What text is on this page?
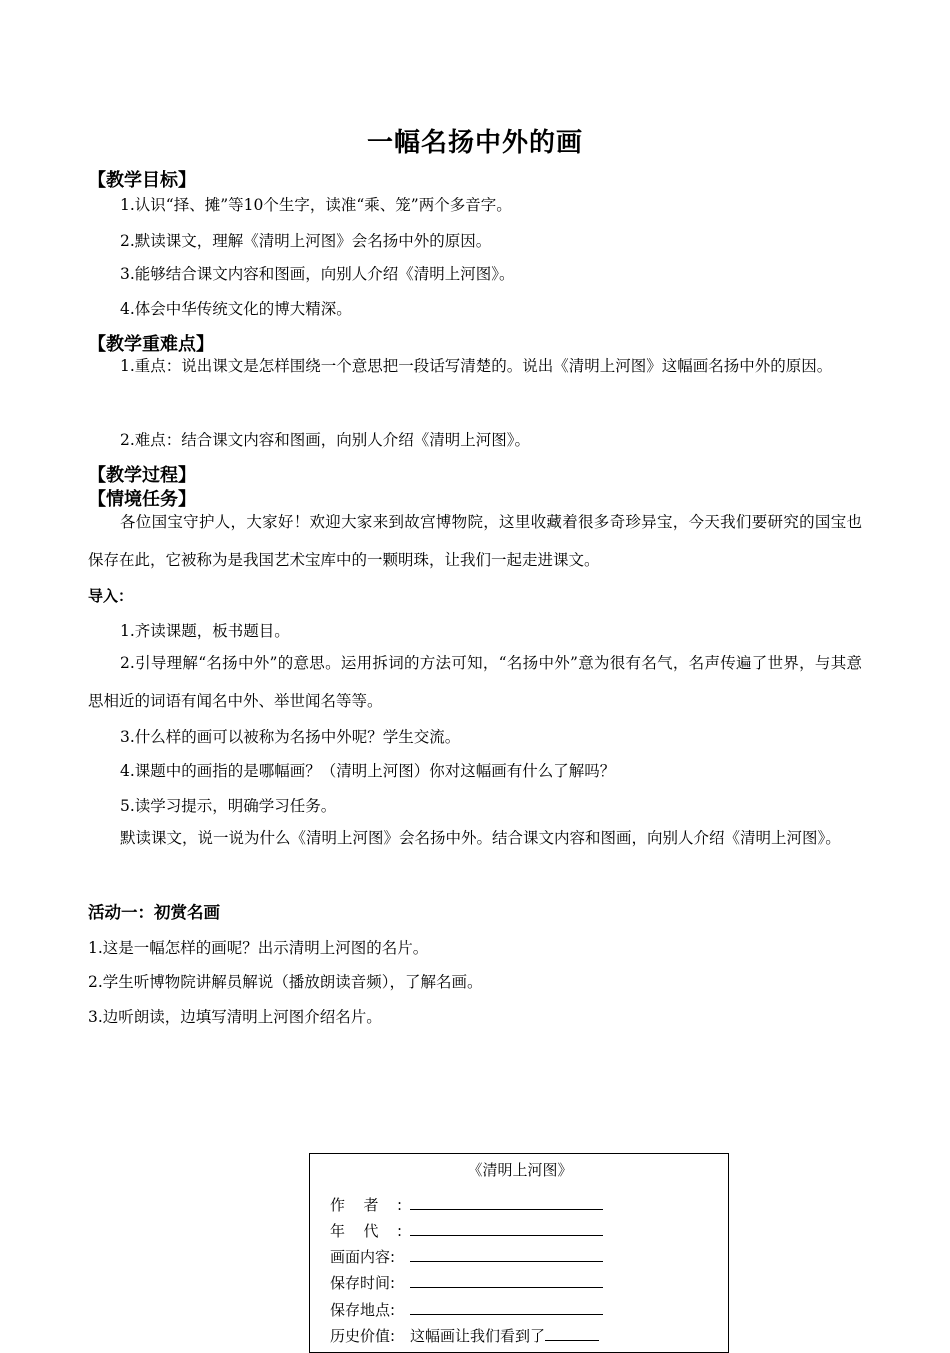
一幅名扬中外的画
【教学目标】
1.认识“择、摊”等10个生字，读准“乘、笼”两个多音字。
2.默读课文，理解《清明上河图》会名扬中外的原因。
3.能够结合课文内容和图画，向别人介绍《清明上河图》。
4.体会中华传统文化的博大精深。
【教学重难点】
1.重点：说出课文是怎样围绕一个意思把一段话写清楚的。说出《清明上河图》这幅画名扬中外的原因。
2.难点：结合课文内容和图画，向别人介绍《清明上河图》。
【教学过程】
【情境任务】
各位国宝守护人，大家好！欢迎大家来到故宫博物院，这里收藏着很多奇珍异宝，今天我们要研究的国宝也保存在此，它被称为是我国艺术宝库中的一颗明珠，让我们一起走进课文。
导入：
1.齐读课题，板书题目。
2.引导理解“名扬中外”的意思。运用拆词的方法可知，“名扬中外”意为很有名气，名声传遍了世界，与其意思相近的词语有闻名中外、举世闻名等等。
3.什么样的画可以被称为名扬中外呢？学生交流。
4.课题中的画指的是哪幅画？（清明上河图）你对这幅画有什么了解吗？
5.读学习提示，明确学习任务。
默读课文，说一说为什么《清明上河图》会名扬中外。结合课文内容和图画，向别人介绍《清明上河图》。
活动一：初赏名画
1.这是一幅怎样的画呢？出示清明上河图的名片。
2.学生听博物院讲解员解说（播放朗读音频），了解名画。
3.边听朗读，边填写清明上河图介绍名片。
《清明上河图》
作者:
年代:
画面内容:
保存时间:
保存地点:
历史价值: 这幅画让我们看到了
